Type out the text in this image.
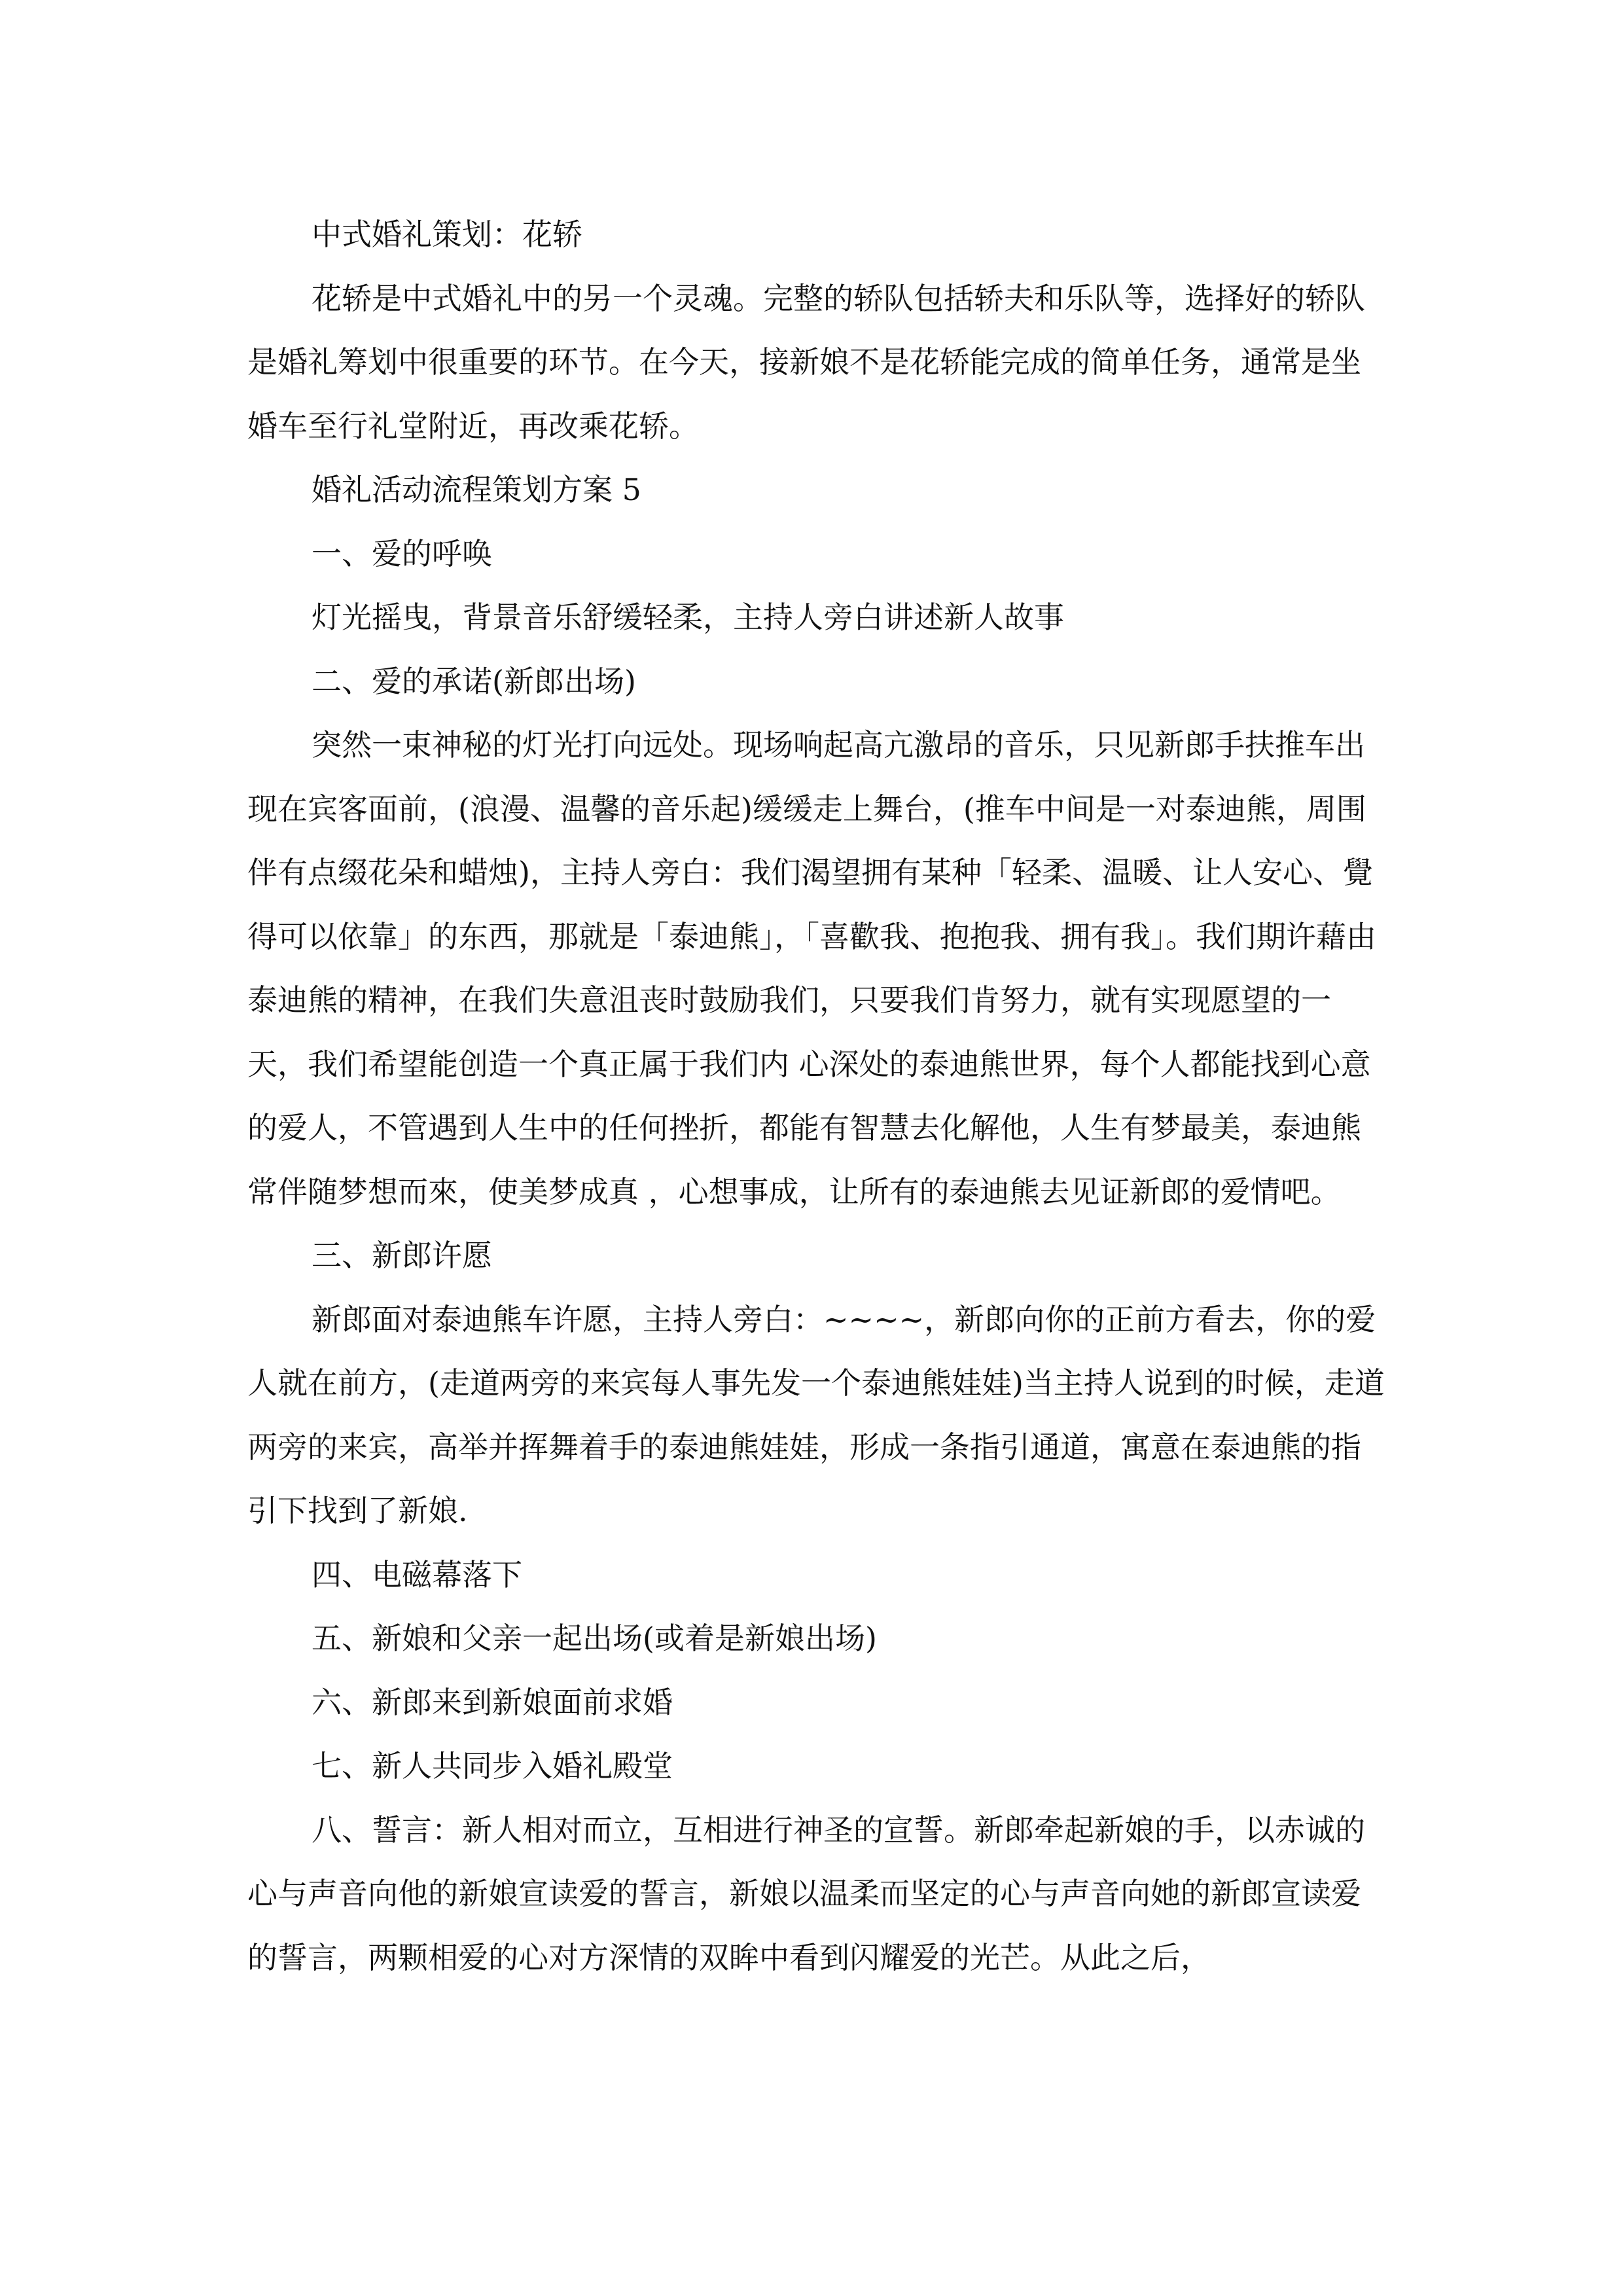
中式婚礼策划：花轿

花轿是中式婚礼中的另一个灵魂。完整的轿队包括轿夫和乐队等，选择好的轿队是婚礼筹划中很重要的环节。在今天，接新娘不是花轿能完成的简单任务，通常是坐婚车至行礼堂附近，再改乘花轿。

婚礼活动流程策划方案 5

一、爱的呼唤

灯光摇曳，背景音乐舒缓轻柔，主持人旁白讲述新人故事

二、爱的承诺(新郎出场)

突然一束神秘的灯光打向远处。现场响起高亢激昂的音乐，只见新郎手扶推车出现在宾客面前，(浪漫、温馨的音乐起)缓缓走上舞台，(推车中间是一对泰迪熊，周围伴有点缀花朵和蜡烛)，主持人旁白：我们渴望拥有某种「轻柔、温暖、让人安心、覺得可以依靠」的东西，那就是「泰迪熊」，「喜歡我、抱抱我、拥有我」。我们期许藉由泰迪熊的精神，在我们失意沮丧时鼓励我们，只要我们肯努力，就有实现愿望的一天，我们希望能创造一个真正属于我们内 心深处的泰迪熊世界，每个人都能找到心意的爱人，不管遇到人生中的任何挫折，都能有智慧去化解他，人生有梦最美，泰迪熊常伴随梦想而來，使美梦成真 ，心想事成，让所有的泰迪熊去见证新郎的爱情吧。

三、新郎许愿

新郎面对泰迪熊车许愿，主持人旁白：~~~~，新郎向你的正前方看去，你的爱人就在前方，(走道两旁的来宾每人事先发一个泰迪熊娃娃)当主持人说到的时候，走道两旁的来宾，高举并挥舞着手的泰迪熊娃娃，形成一条指引通道，寓意在泰迪熊的指引下找到了新娘.

四、电磁幕落下

五、新娘和父亲一起出场(或着是新娘出场)

六、新郎来到新娘面前求婚

七、新人共同步入婚礼殿堂

八、誓言：新人相对而立，互相进行神圣的宣誓。新郎牵起新娘的手，以赤诚的心与声音向他的新娘宣读爱的誓言，新娘以温柔而坚定的心与声音向她的新郎宣读爱的誓言，两颗相爱的心对方深情的双眸中看到闪耀爱的光芒。从此之后，
